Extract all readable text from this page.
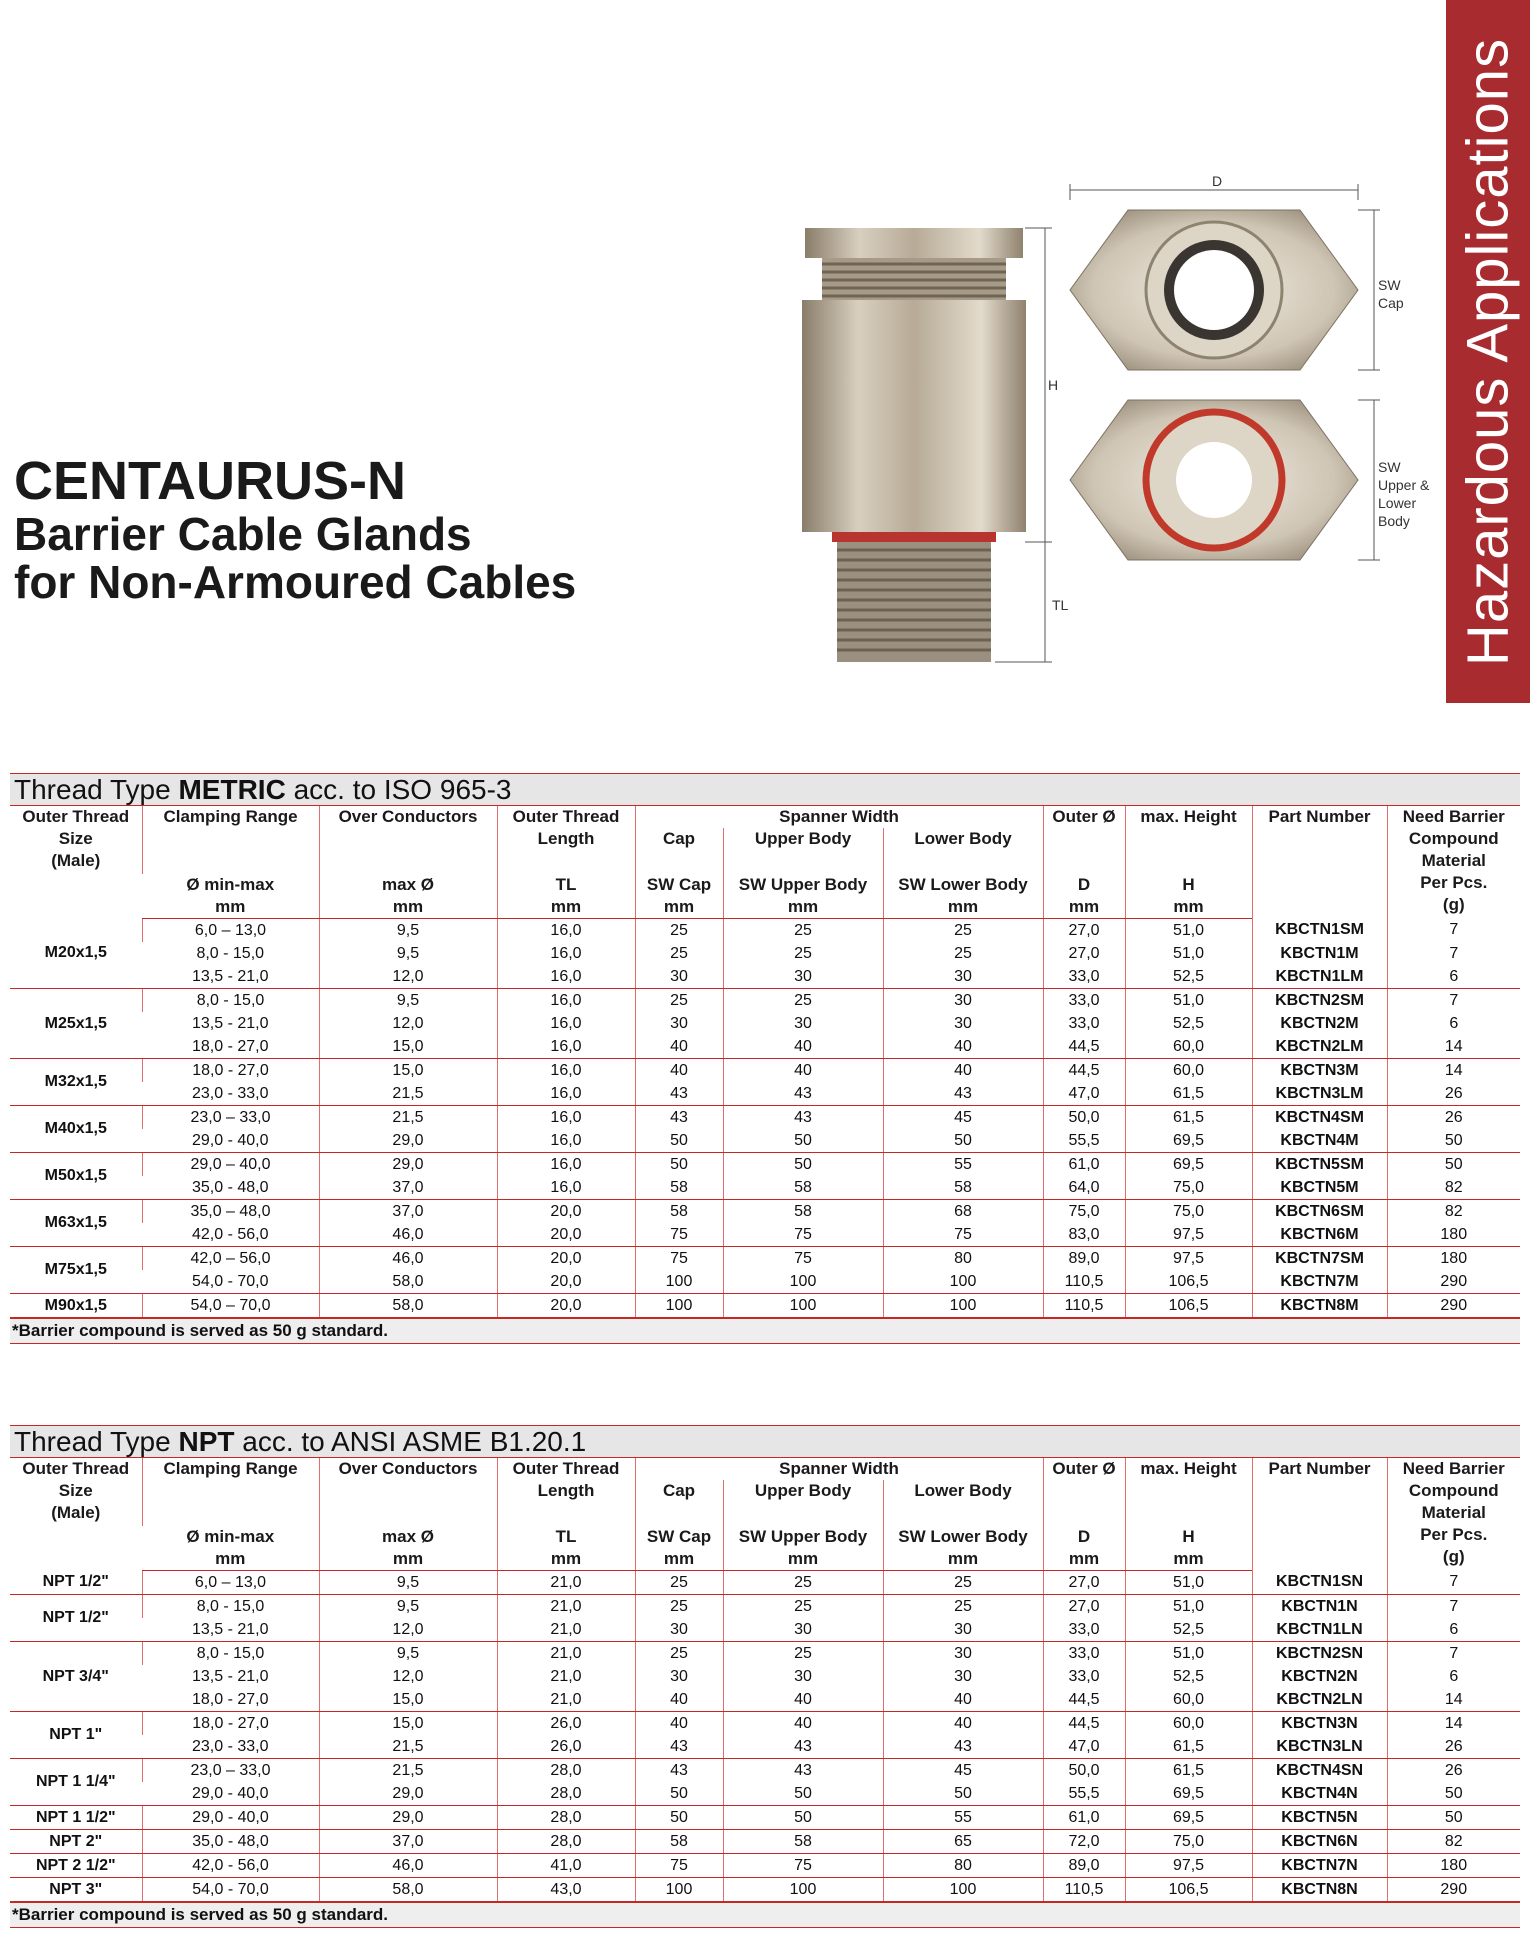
Hazardous Applications

CENTAURUS-N

Barrier Cable Glands

for Non-Armoured Cables

H
TL
D
SW
Cap
SW
Upper &
Lower
Body
Thread Type METRIC acc. to ISO 965-3
Outer Thread
Size
(Male)	Clamping Range	Over Conductors	Outer Thread
Length	Spanner Width			Outer Ø	max. Height	Part Number	Need Barrier
Compound
Material
Per Pcs.
(g)
				Cap	Upper Body	Lower Body				
	Ø min-max
mm	max Ø
mm	TL
mm	SW Cap
mm	SW Upper Body
mm	SW Lower Body
mm	D
mm	H
mm		
M20x1,5	6,0 – 13,0	9,5	16,0	25	25	25	27,0	51,0	KBCTN1SM	7
	8,0 - 15,0	9,5	16,0	25	25	25	27,0	51,0	KBCTN1M	7
	13,5 - 21,0	12,0	16,0	30	30	30	33,0	52,5	KBCTN1LM	6
M25x1,5	8,0 - 15,0	9,5	16,0	25	25	30	33,0	51,0	KBCTN2SM	7
	13,5 - 21,0	12,0	16,0	30	30	30	33,0	52,5	KBCTN2M	6
	18,0 - 27,0	15,0	16,0	40	40	40	44,5	60,0	KBCTN2LM	14
M32x1,5	18,0 - 27,0	15,0	16,0	40	40	40	44,5	60,0	KBCTN3M	14
	23,0 - 33,0	21,5	16,0	43	43	43	47,0	61,5	KBCTN3LM	26
M40x1,5	23,0 – 33,0	21,5	16,0	43	43	45	50,0	61,5	KBCTN4SM	26
	29,0 - 40,0	29,0	16,0	50	50	50	55,5	69,5	KBCTN4M	50
M50x1,5	29,0 – 40,0	29,0	16,0	50	50	55	61,0	69,5	KBCTN5SM	50
	35,0 - 48,0	37,0	16,0	58	58	58	64,0	75,0	KBCTN5M	82
M63x1,5	35,0 – 48,0	37,0	20,0	58	58	68	75,0	75,0	KBCTN6SM	82
	42,0 - 56,0	46,0	20,0	75	75	75	83,0	97,5	KBCTN6M	180
M75x1,5	42,0 – 56,0	46,0	20,0	75	75	80	89,0	97,5	KBCTN7SM	180
	54,0 - 70,0	58,0	20,0	100	100	100	110,5	106,5	KBCTN7M	290
M90x1,5	54,0 – 70,0	58,0	20,0	100	100	100	110,5	106,5	KBCTN8M	290
*Barrier compound is served as 50 g standard.
Thread Type NPT acc. to ANSI ASME B1.20.1
Outer Thread
Size
(Male)	Clamping Range	Over Conductors	Outer Thread
Length	Spanner Width			Outer Ø	max. Height	Part Number	Need Barrier
Compound
Material
Per Pcs.
(g)
				Cap	Upper Body	Lower Body				
	Ø min-max
mm	max Ø
mm	TL
mm	SW Cap
mm	SW Upper Body
mm	SW Lower Body
mm	D
mm	H
mm		
NPT 1/2"	6,0 – 13,0	9,5	21,0	25	25	25	27,0	51,0	KBCTN1SN	7
NPT 1/2"	8,0 - 15,0	9,5	21,0	25	25	25	27,0	51,0	KBCTN1N	7
	13,5 - 21,0	12,0	21,0	30	30	30	33,0	52,5	KBCTN1LN	6
NPT 3/4"	8,0 - 15,0	9,5	21,0	25	25	30	33,0	51,0	KBCTN2SN	7
	13,5 - 21,0	12,0	21,0	30	30	30	33,0	52,5	KBCTN2N	6
	18,0 - 27,0	15,0	21,0	40	40	40	44,5	60,0	KBCTN2LN	14
NPT 1"	18,0 - 27,0	15,0	26,0	40	40	40	44,5	60,0	KBCTN3N	14
	23,0 - 33,0	21,5	26,0	43	43	43	47,0	61,5	KBCTN3LN	26
NPT 1 1/4"	23,0 – 33,0	21,5	28,0	43	43	45	50,0	61,5	KBCTN4SN	26
	29,0 - 40,0	29,0	28,0	50	50	50	55,5	69,5	KBCTN4N	50
NPT 1 1/2"	29,0 - 40,0	29,0	28,0	50	50	55	61,0	69,5	KBCTN5N	50
NPT 2"	35,0 - 48,0	37,0	28,0	58	58	65	72,0	75,0	KBCTN6N	82
NPT 2 1/2"	42,0 - 56,0	46,0	41,0	75	75	80	89,0	97,5	KBCTN7N	180
NPT 3"	54,0 - 70,0	58,0	43,0	100	100	100	110,5	106,5	KBCTN8N	290
*Barrier compound is served as 50 g standard.
